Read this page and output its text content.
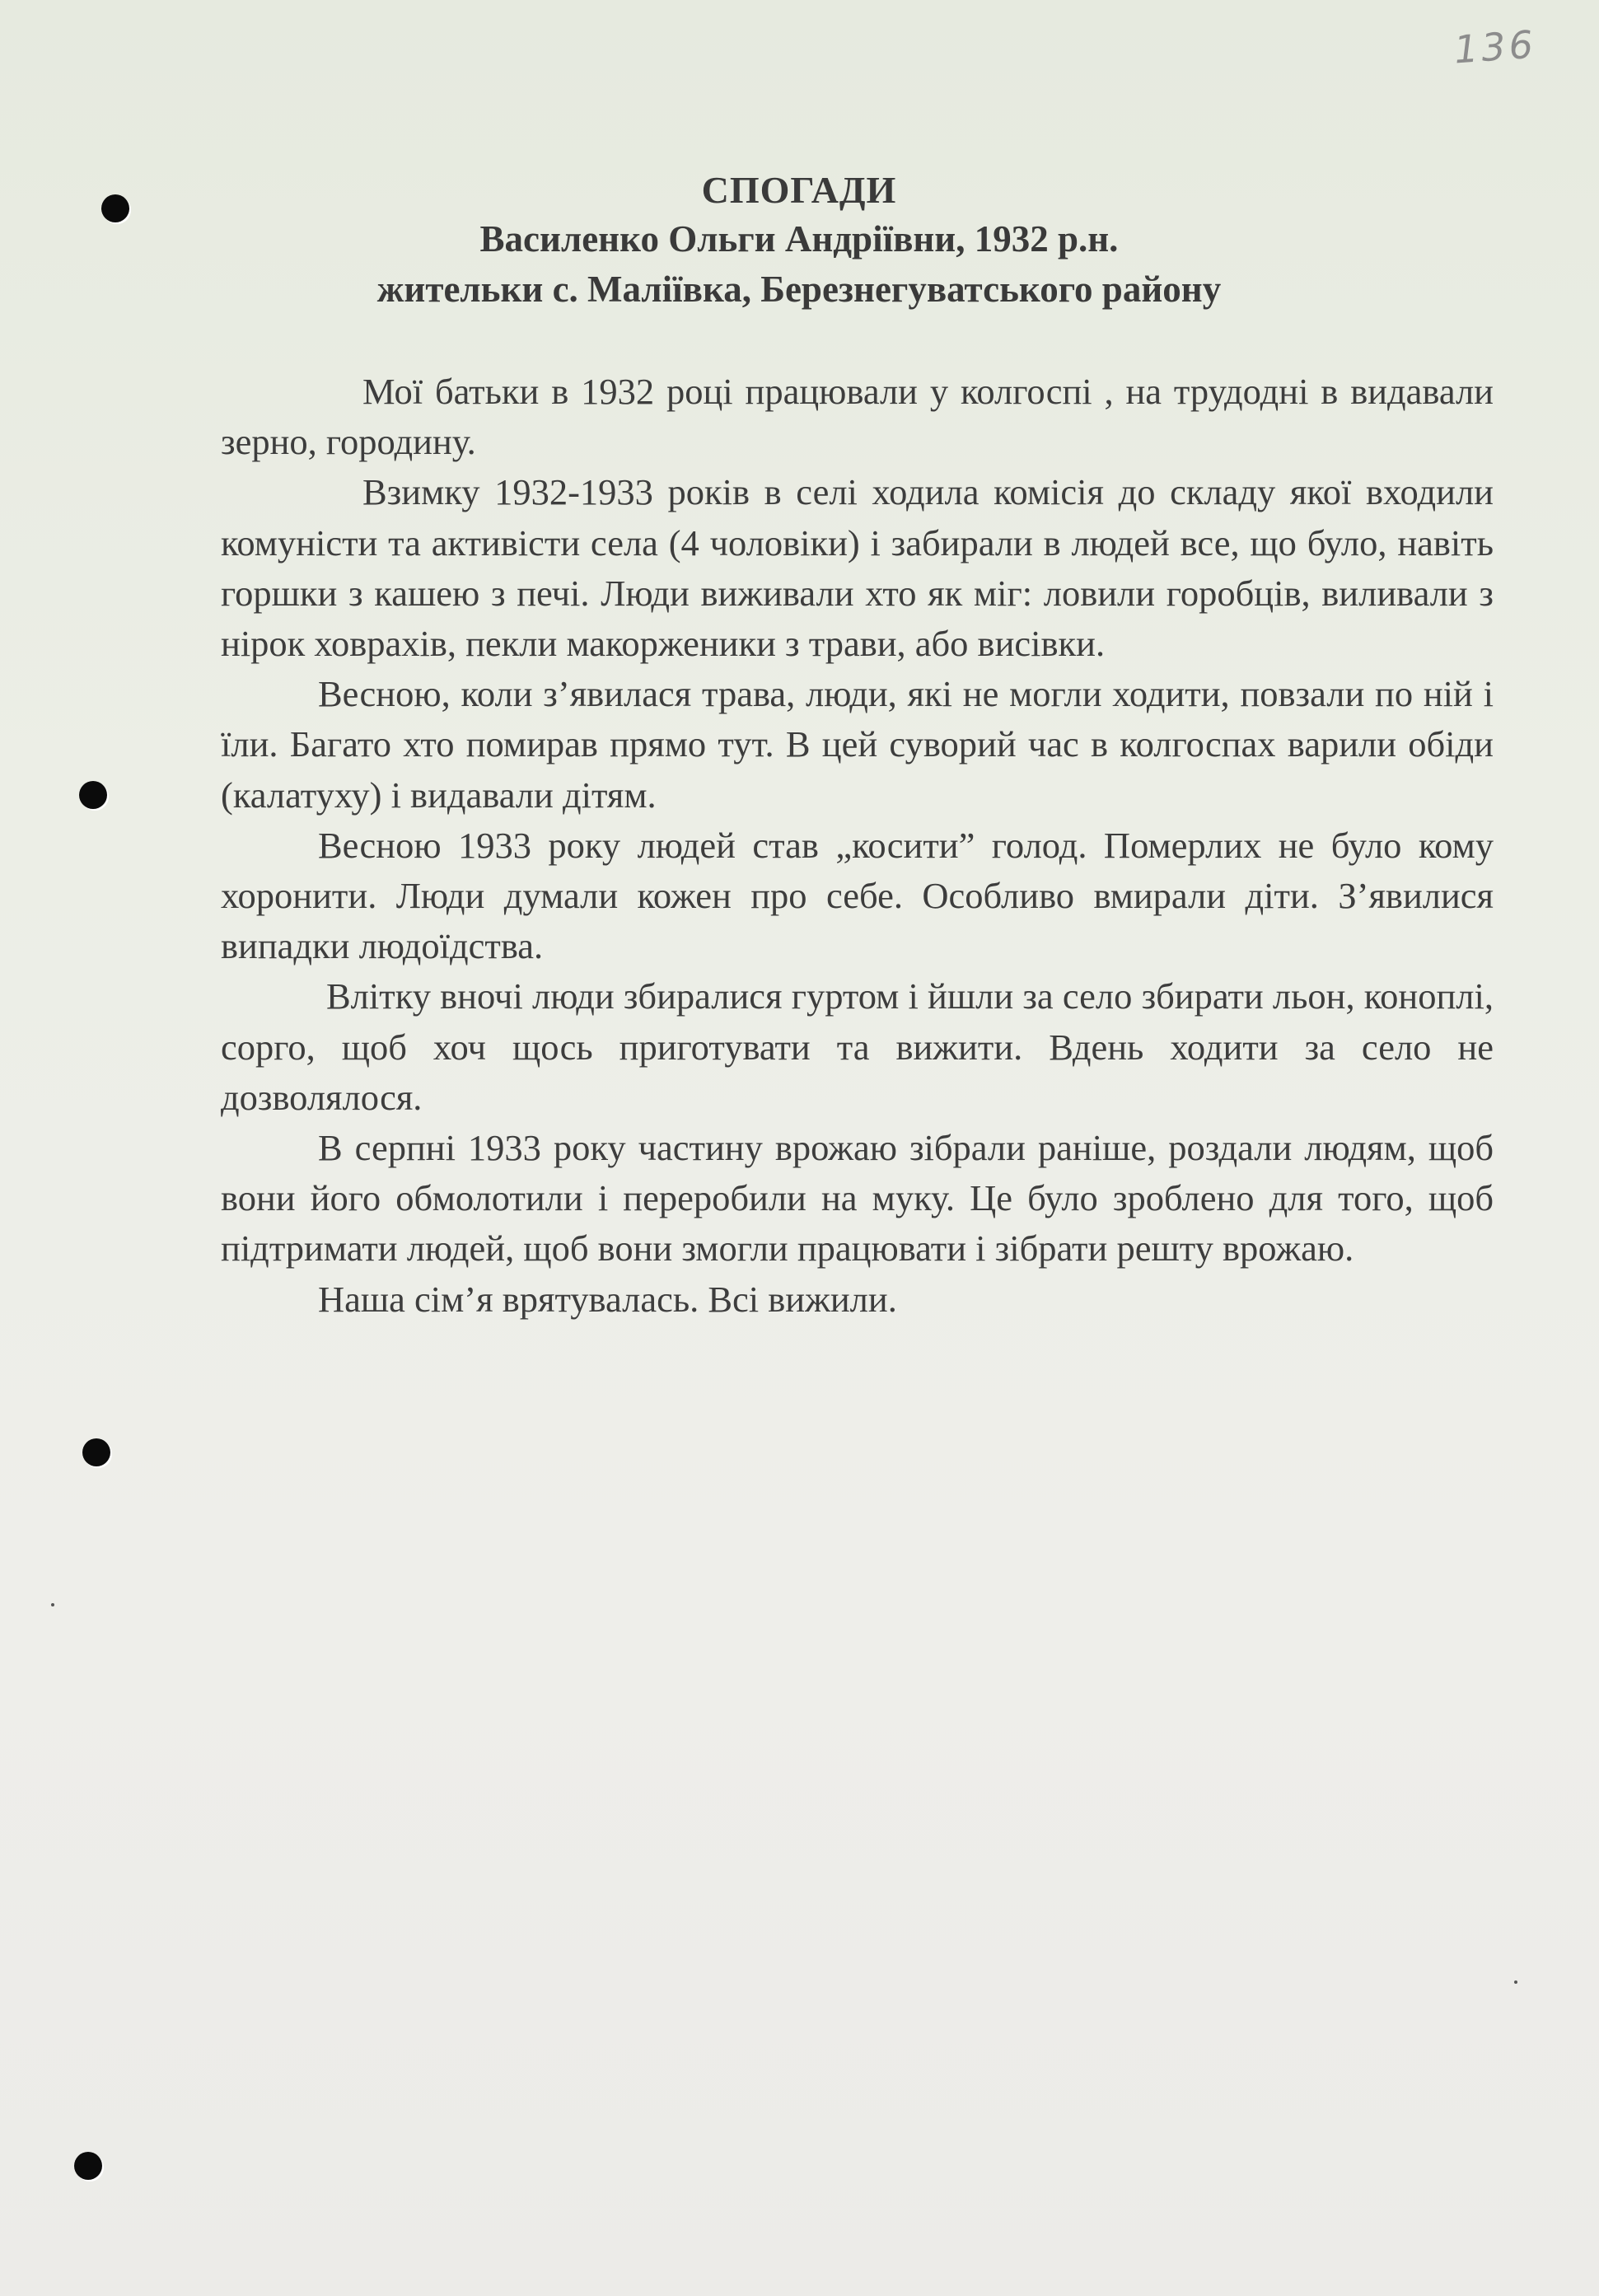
136
СПОГАДИ
Василенко Ольги Андріївни, 1932 р.н.
жительки с. Маліївка, Березнегуватського району

Мої батьки в 1932 році працювали у колгоспі , на трудодні в видавали зерно, городину.

Взимку 1932-1933 років в селі ходила комісія до складу якої входили комуністи та активісти села (4 чоловіки) і забирали в людей все, що було, навіть горшки з кашею з печі. Люди виживали хто як міг: ловили горобців, виливали з нірок ховрахів, пекли макорженики з трави, або висівки.

Весною, коли з’явилася трава, люди, які не могли ходити, повзали по ній і їли. Багато хто помирав прямо тут. В цей суворий час в колгоспах варили обіди (калатуху) і видавали дітям.

Весною 1933 року людей став „косити” голод. Померлих не було кому хоронити. Люди думали кожен про себе. Особливо вмирали діти. З’явилися випадки людоїдства.

Влітку вночі люди збиралися гуртом і йшли за село збирати льон, коноплі, сорго, щоб хоч щось приготувати та вижити. Вдень ходити за село не дозволялося.

В серпні 1933 року частину врожаю зібрали раніше, роздали людям, щоб вони його обмолотили і переробили на муку. Це було зроблено для того, щоб підтримати людей, щоб вони змогли працювати і зібрати решту врожаю.

Наша сім’я врятувалась. Всі вижили.
